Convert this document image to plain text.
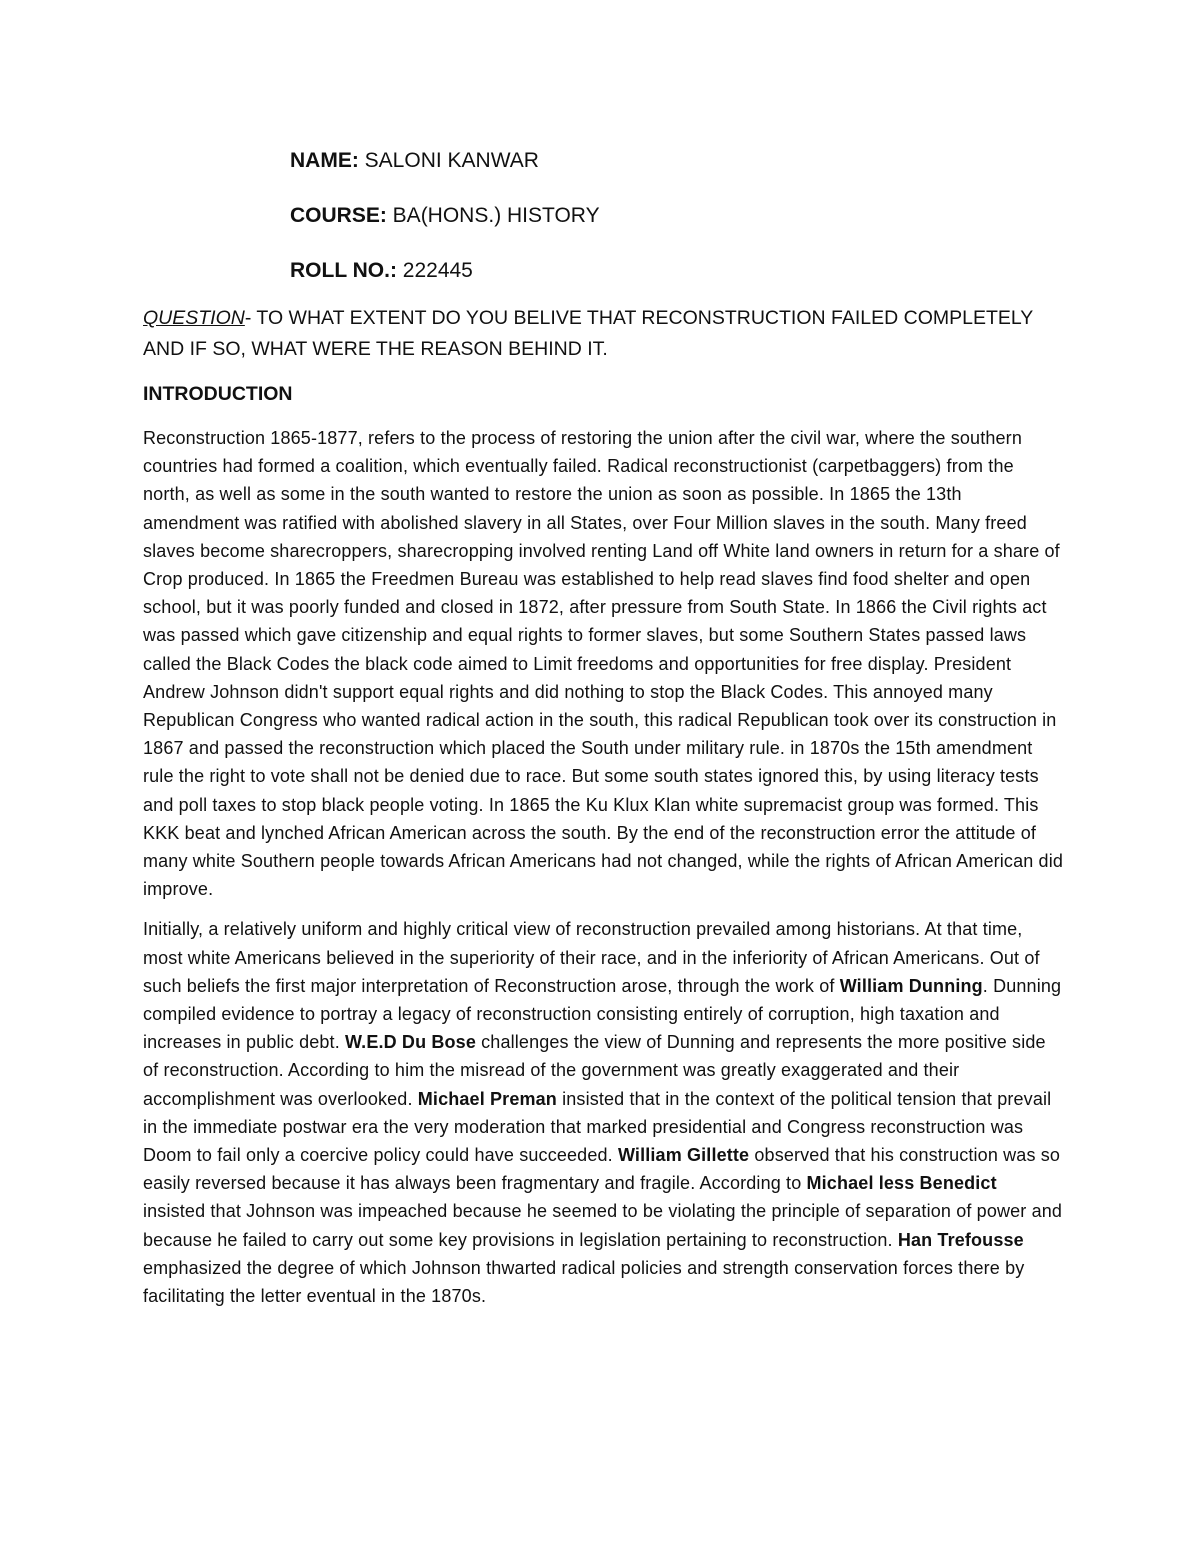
NAME: SALONI KANWAR
COURSE: BA(HONS.) HISTORY
ROLL NO.: 222445

QUESTION- TO WHAT EXTENT DO YOU BELIVE THAT RECONSTRUCTION FAILED COMPLETELY AND IF SO, WHAT WERE THE REASON BEHIND IT.

INTRODUCTION

Reconstruction 1865-1877, refers to the process of restoring the union after the civil war, where the southern countries had formed a coalition, which eventually failed. Radical reconstructionist (carpetbaggers) from the north, as well as some in the south wanted to restore the union as soon as possible. In 1865 the 13th amendment was ratified with abolished slavery in all States, over Four Million slaves in the south. Many freed slaves become sharecroppers, sharecropping involved renting Land off White land owners in return for a share of Crop produced. In 1865 the Freedmen Bureau was established to help read slaves find food shelter and open school, but it was poorly funded and closed in 1872, after pressure from South State. In 1866 the Civil rights act was passed which gave citizenship and equal rights to former slaves, but some Southern States passed laws called the Black Codes the black code aimed to Limit freedoms and opportunities for free display. President Andrew Johnson didn't support equal rights and did nothing to stop the Black Codes. This annoyed many Republican Congress who wanted radical action in the south, this radical Republican took over its construction in 1867 and passed the reconstruction which placed the South under military rule. in 1870s the 15th amendment rule the right to vote shall not be denied due to race. But some south states ignored this, by using literacy tests and poll taxes to stop black people voting. In 1865 the Ku Klux Klan white supremacist group was formed. This KKK beat and lynched African American across the south. By the end of the reconstruction error the attitude of many white Southern people towards African Americans had not changed, while the rights of African American did improve.

Initially, a relatively uniform and highly critical view of reconstruction prevailed among historians. At that time, most white Americans believed in the superiority of their race, and in the inferiority of African Americans. Out of such beliefs the first major interpretation of Reconstruction arose, through the work of William Dunning. Dunning compiled evidence to portray a legacy of reconstruction consisting entirely of corruption, high taxation and increases in public debt. W.E.D Du Bose challenges the view of Dunning and represents the more positive side of reconstruction. According to him the misread of the government was greatly exaggerated and their accomplishment was overlooked. Michael Preman insisted that in the context of the political tension that prevail in the immediate postwar era the very moderation that marked presidential and Congress reconstruction was Doom to fail only a coercive policy could have succeeded. William Gillette observed that his construction was so easily reversed because it has always been fragmentary and fragile. According to Michael less Benedict insisted that Johnson was impeached because he seemed to be violating the principle of separation of power and because he failed to carry out some key provisions in legislation pertaining to reconstruction. Han Trefousse emphasized the degree of which Johnson thwarted radical policies and strength conservation forces there by facilitating the letter eventual in the 1870s.
